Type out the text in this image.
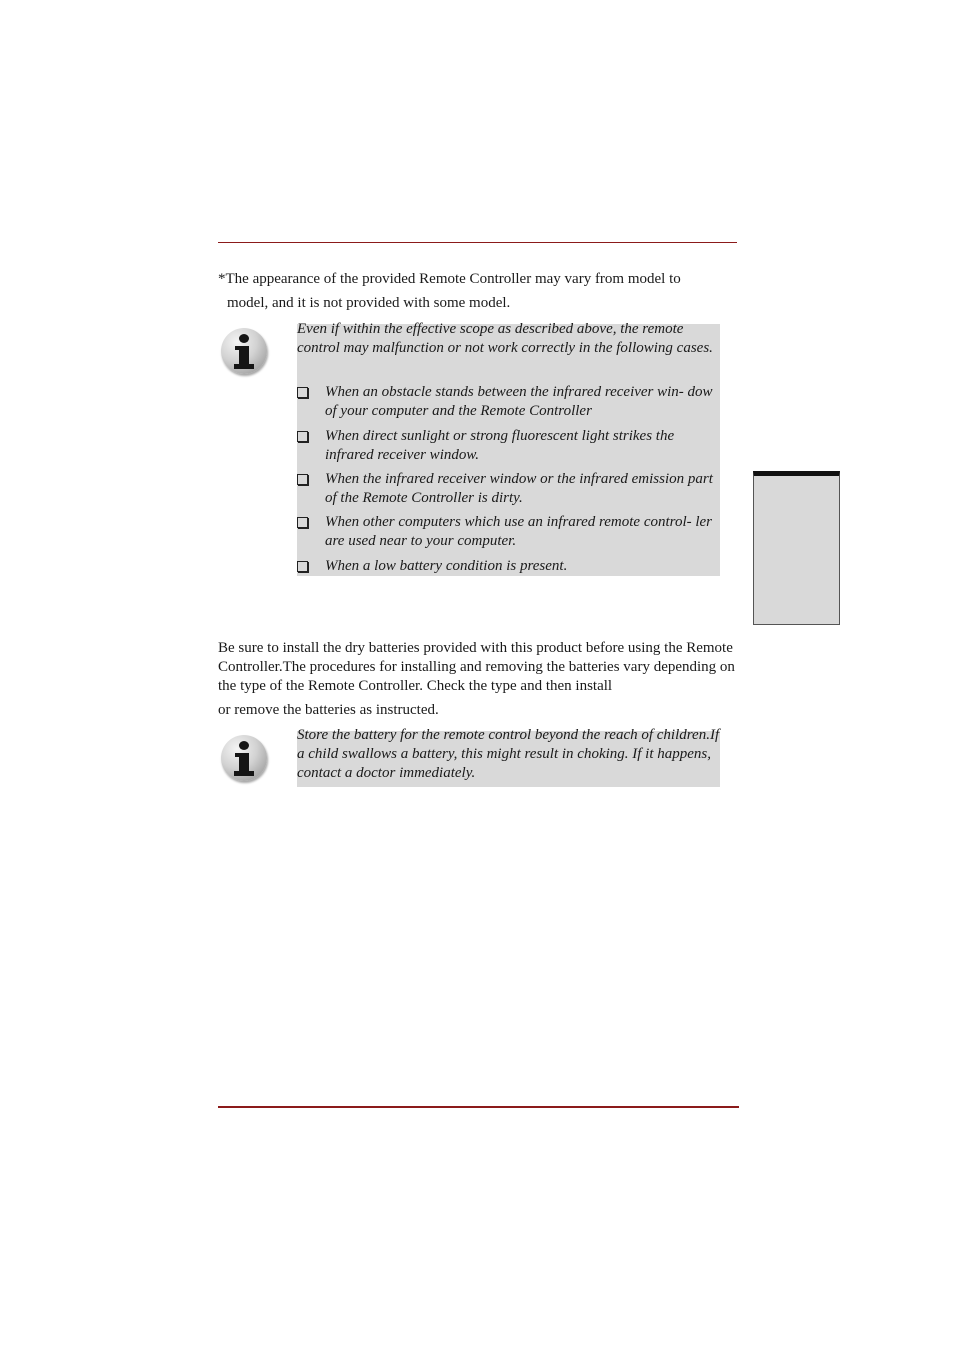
*The appearance of the provided Remote Controller may vary from model to
model, and it is not provided with some model.

Even if within the effective scope as described above, the remote control may malfunction or not work correctly in the following cases.

When an obstacle stands between the infrared receiver win- dow of your computer and the Remote Controller
When direct sunlight or strong fluorescent light strikes the infrared receiver window.
When the infrared receiver window or the infrared emission part of the Remote Controller is dirty.
When other computers which use an infrared remote control- ler are used near to your computer.
When a low battery condition is present.

Be sure to install the dry batteries provided with this product before using the Remote Controller.The procedures for installing and removing the batteries vary depending on the type of the Remote Controller. Check the type and then install
or remove the batteries as instructed.

Store the battery for the remote control beyond the reach of children.If a child swallows a battery, this might result in choking. If it happens, contact a doctor immediately.
